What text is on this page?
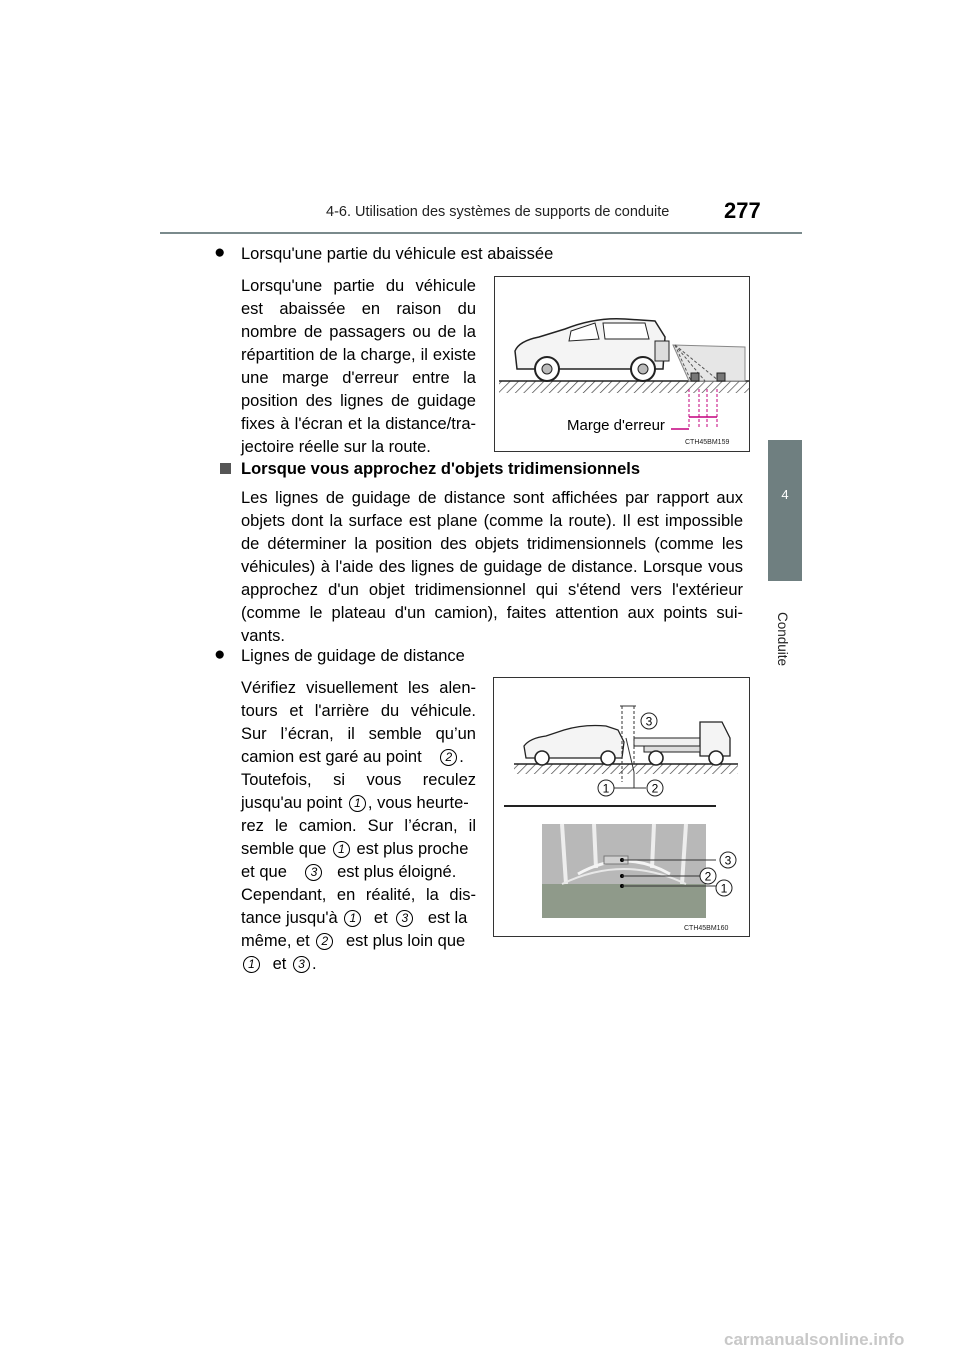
4-6. Utilisation des systèmes de supports de conduite 277
4
Conduite
● Lorsqu'une partie du véhicule est abaissée
Lorsqu'une partie du véhicule
est abaissée en raison du
nombre de passagers ou de la
répartition de la charge, il existe
une marge d'erreur entre la
position des lignes de guidage
fixes à l'écran et la distance/tra-
jectoire réelle sur la route.
Marge d'erreur
CTH45BM159
Lorsque vous approchez d'objets tridimensionnels
Les lignes de guidage de distance sont affichées par rapport aux
objets dont la surface est plane (comme la route). Il est impossible
de déterminer la position des objets tridimensionnels (comme les
véhicules) à l'aide des lignes de guidage de distance. Lorsque vous
approchez d'un objet tridimensionnel qui s'étend vers l'extérieur
(comme le plateau d'un camion), faites attention aux points sui-
vants.
● Lignes de guidage de distance
Vérifiez visuellement les alen-
tours et l'arrière du véhicule.
Sur l’écran, il semble qu’un
camion est garé au point 2 .
Toutefois, si vous reculez
jusqu'au point 1 , vous heurte-
rez le camion. Sur l’écran, il
semble que 1 est plus proche
et que 3 est plus éloigné.
Cependant, en réalité, la dis-
tance jusqu'à 1 et 3 est la
même, et 2 est plus loin que
1 et 3 .
3
1	2
3
2
1
CTH45BM160
carmanualsonline.info
